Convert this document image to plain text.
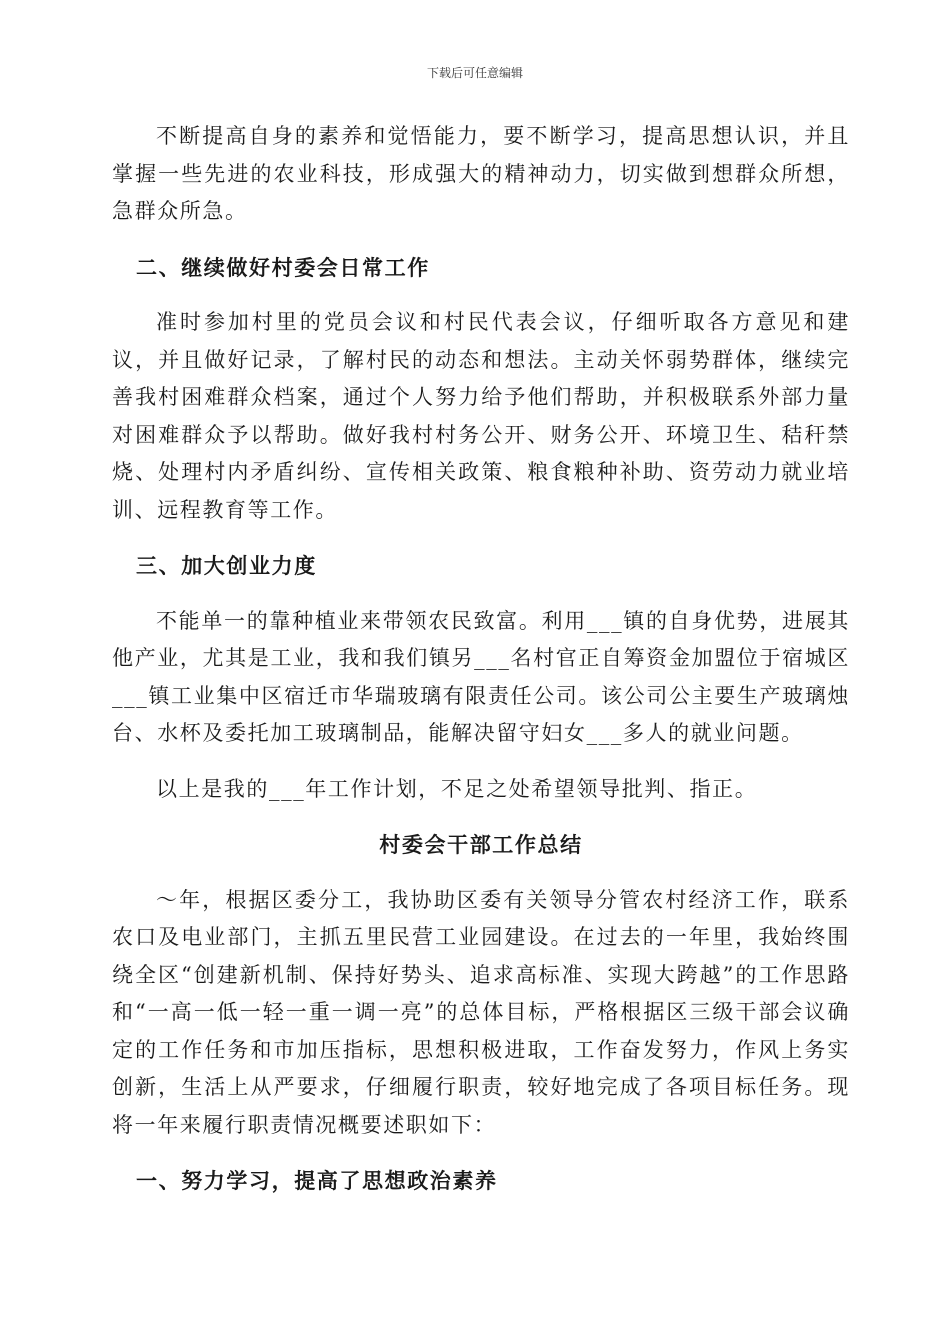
下载后可任意编辑

不断提高自身的素养和觉悟能力，要不断学习，提高思想认识，并且掌握一些先进的农业科技，形成强大的精神动力，切实做到想群众所想，急群众所急。

二、继续做好村委会日常工作

准时参加村里的党员会议和村民代表会议，仔细听取各方意见和建议，并且做好记录，了解村民的动态和想法。主动关怀弱势群体，继续完善我村困难群众档案，通过个人努力给予他们帮助，并积极联系外部力量对困难群众予以帮助。做好我村村务公开、财务公开、环境卫生、秸秆禁烧、处理村内矛盾纠纷、宣传相关政策、粮食粮种补助、资劳动力就业培训、远程教育等工作。

三、加大创业力度

不能单一的靠种植业来带领农民致富。利用___镇的自身优势，进展其他产业，尤其是工业，我和我们镇另___名村官正自筹资金加盟位于宿城区___镇工业集中区宿迁市华瑞玻璃有限责任公司。该公司公主要生产玻璃烛台、水杯及委托加工玻璃制品，能解决留守妇女___多人的就业问题。

以上是我的___年工作计划，不足之处希望领导批判、指正。

村委会干部工作总结

～年，根据区委分工，我协助区委有关领导分管农村经济工作，联系农口及电业部门，主抓五里民营工业园建设。在过去的一年里，我始终围绕全区“创建新机制、保持好势头、追求高标准、实现大跨越”的工作思路和“一高一低一轻一重一调一亮”的总体目标，严格根据区三级干部会议确定的工作任务和市加压指标，思想积极进取，工作奋发努力，作风上务实创新，生活上从严要求，仔细履行职责，较好地完成了各项目标任务。现将一年来履行职责情况概要述职如下：

一、努力学习，提高了思想政治素养
